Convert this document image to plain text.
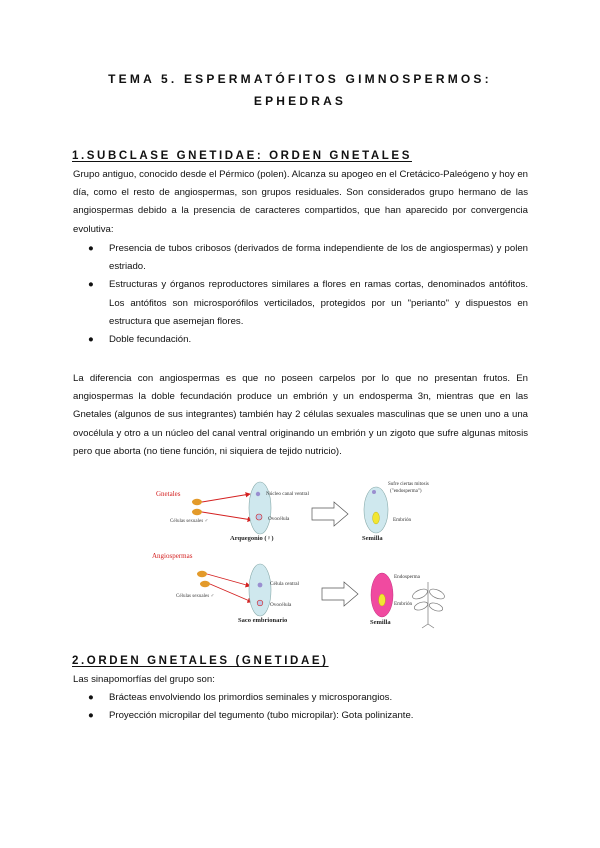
TEMA 5. ESPERMATÓFITOS GIMNOSPERMOS:
EPHEDRAS
1.SUBCLASE GNETIDAE: ORDEN GNETALES
Grupo antiguo, conocido desde el Pérmico (polen). Alcanza su apogeo en el Cretácico-Paleógeno y hoy en día, como el resto de angiospermas, son grupos residuales. Son considerados grupo hermano de las angiospermas debido a la presencia de caracteres compartidos, que han aparecido por convergencia evolutiva:
● Presencia de tubos cribosos (derivados de forma independiente de los de angiospermas) y polen estriado.
● Estructuras y órganos reproductores similares a flores en ramas cortas, denominados antófitos. Los antófitos son microsporófilos verticilados, protegidos por un "perianto" y dispuestos en estructura que asemejan flores.
● Doble fecundación.
La diferencia con angiospermas es que no poseen carpelos por lo que no presentan frutos. En angiospermas la doble fecundación produce un embrión y un endosperma 3n, mientras que en las Gnetales (algunos de sus integrantes) también hay 2 células sexuales masculinas que se unen uno a una ovocélula y otro a un núcleo del canal ventral originando un embrión y un zigoto que sufre algunas mitosis pero que aborta (no tiene función, ni siquiera de tejido nutricio).
Gnetales
Células sexuales ♂
Núcleo canal ventral
Ovocélula
Arquegonio (♀)
Sufre ciertas mitosis
("endosperma")
Embrión
Semilla
Angiospermas
Células sexuales ♂
Célula central
Ovocélula
Saco embrionario
Endosperma
Embrión
Semilla
2.ORDEN GNETALES (GNETIDAE)
Las sinapomorfías del grupo son:
● Brácteas envolviendo los primordios seminales y microsporangios.
● Proyección micropilar del tegumento (tubo micropilar): Gota polinizante.
